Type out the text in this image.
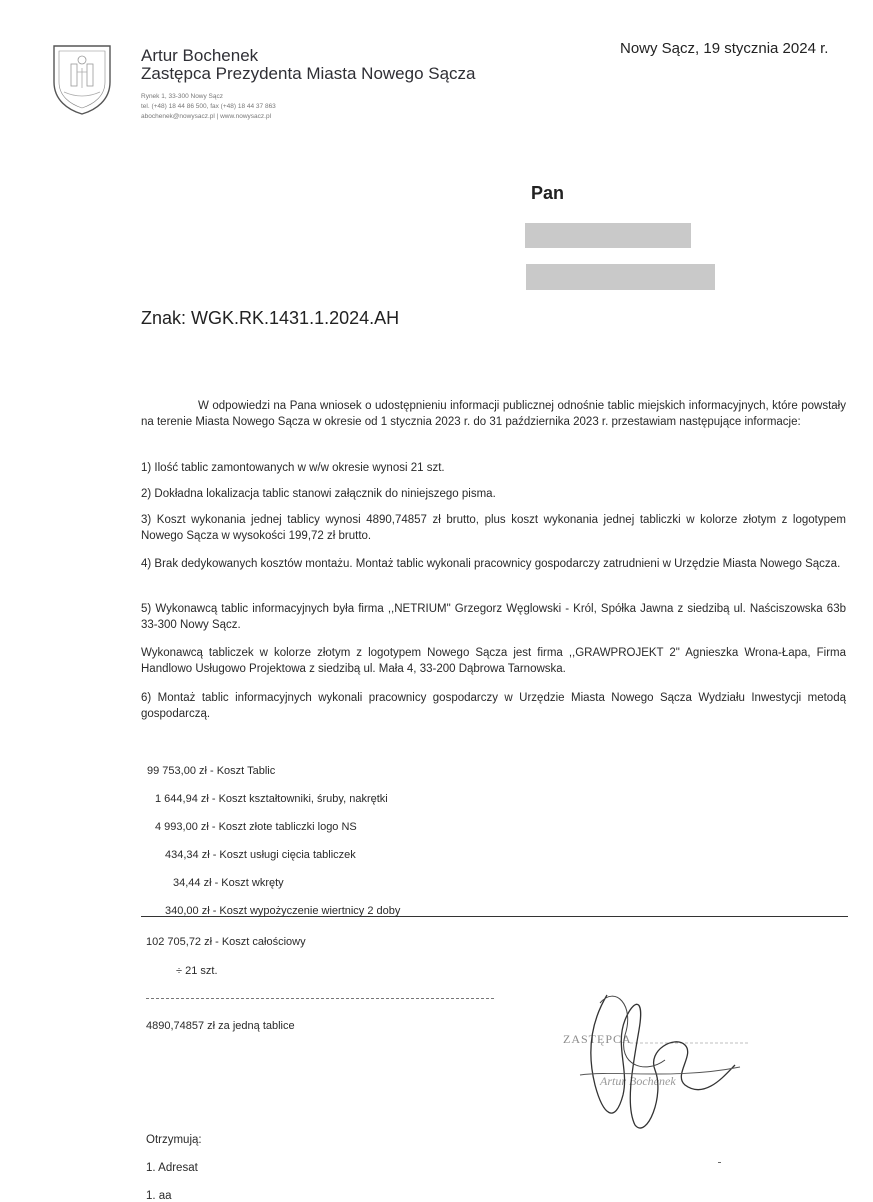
Artur Bochenek
Zastępca Prezydenta Miasta Nowego Sącza
Rynek 1, 33-300 Nowy Sącz
tel. (+48) 18 44 86 500, fax (+48) 18 44 37 863
abochenek@nowysacz.pl | www.nowysacz.pl
Nowy Sącz, 19 stycznia 2024 r.
Pan
Znak: WGK.RK.1431.1.2024.AH
W odpowiedzi na Pana wniosek o udostępnieniu informacji publicznej odnośnie tablic miejskich informacyjnych, które powstały na terenie Miasta Nowego Sącza w okresie od 1 stycznia 2023 r. do 31 października 2023 r. przestawiam następujące informacje:
1) Ilość tablic zamontowanych w w/w okresie wynosi 21 szt.
2) Dokładna lokalizacja tablic stanowi załącznik do niniejszego pisma.
3) Koszt wykonania jednej tablicy wynosi 4890,74857 zł brutto, plus koszt wykonania jednej tabliczki w kolorze złotym z logotypem Nowego Sącza w wysokości 199,72 zł brutto.
4) Brak dedykowanych kosztów montażu. Montaż tablic wykonali pracownicy gospodarczy zatrudnieni w Urzędzie Miasta Nowego Sącza.
5) Wykonawcą tablic informacyjnych była firma ,,NETRIUM" Grzegorz Węglowski - Król, Spółka Jawna z siedzibą ul. Naściszowska 63b 33-300 Nowy Sącz.
Wykonawcą tabliczek w kolorze złotym z logotypem Nowego Sącza jest firma ,,GRAWPROJEKT 2" Agnieszka Wrona-Łapa, Firma Handlowo Usługowo Projektowa z siedzibą ul. Mała 4, 33-200 Dąbrowa Tarnowska.
6) Montaż tablic informacyjnych wykonali pracownicy gospodarczy w Urzędzie Miasta Nowego Sącza Wydziału Inwestycji metodą gospodarczą.
99 753,00 zł - Koszt Tablic
1 644,94 zł - Koszt kształtowniki, śruby, nakrętki
4 993,00 zł - Koszt złote tabliczki logo NS
434,34 zł - Koszt usługi cięcia tabliczek
34,44 zł - Koszt wkręty
340,00 zł - Koszt wypożyczenie wiertnicy 2 doby
102 705,72 zł - Koszt całościowy
÷ 21 szt.
4890,74857 zł za jedną tablice
ZASTĘPCA
Artur Bochenek
Otrzymują:
1. Adresat
1. aa
